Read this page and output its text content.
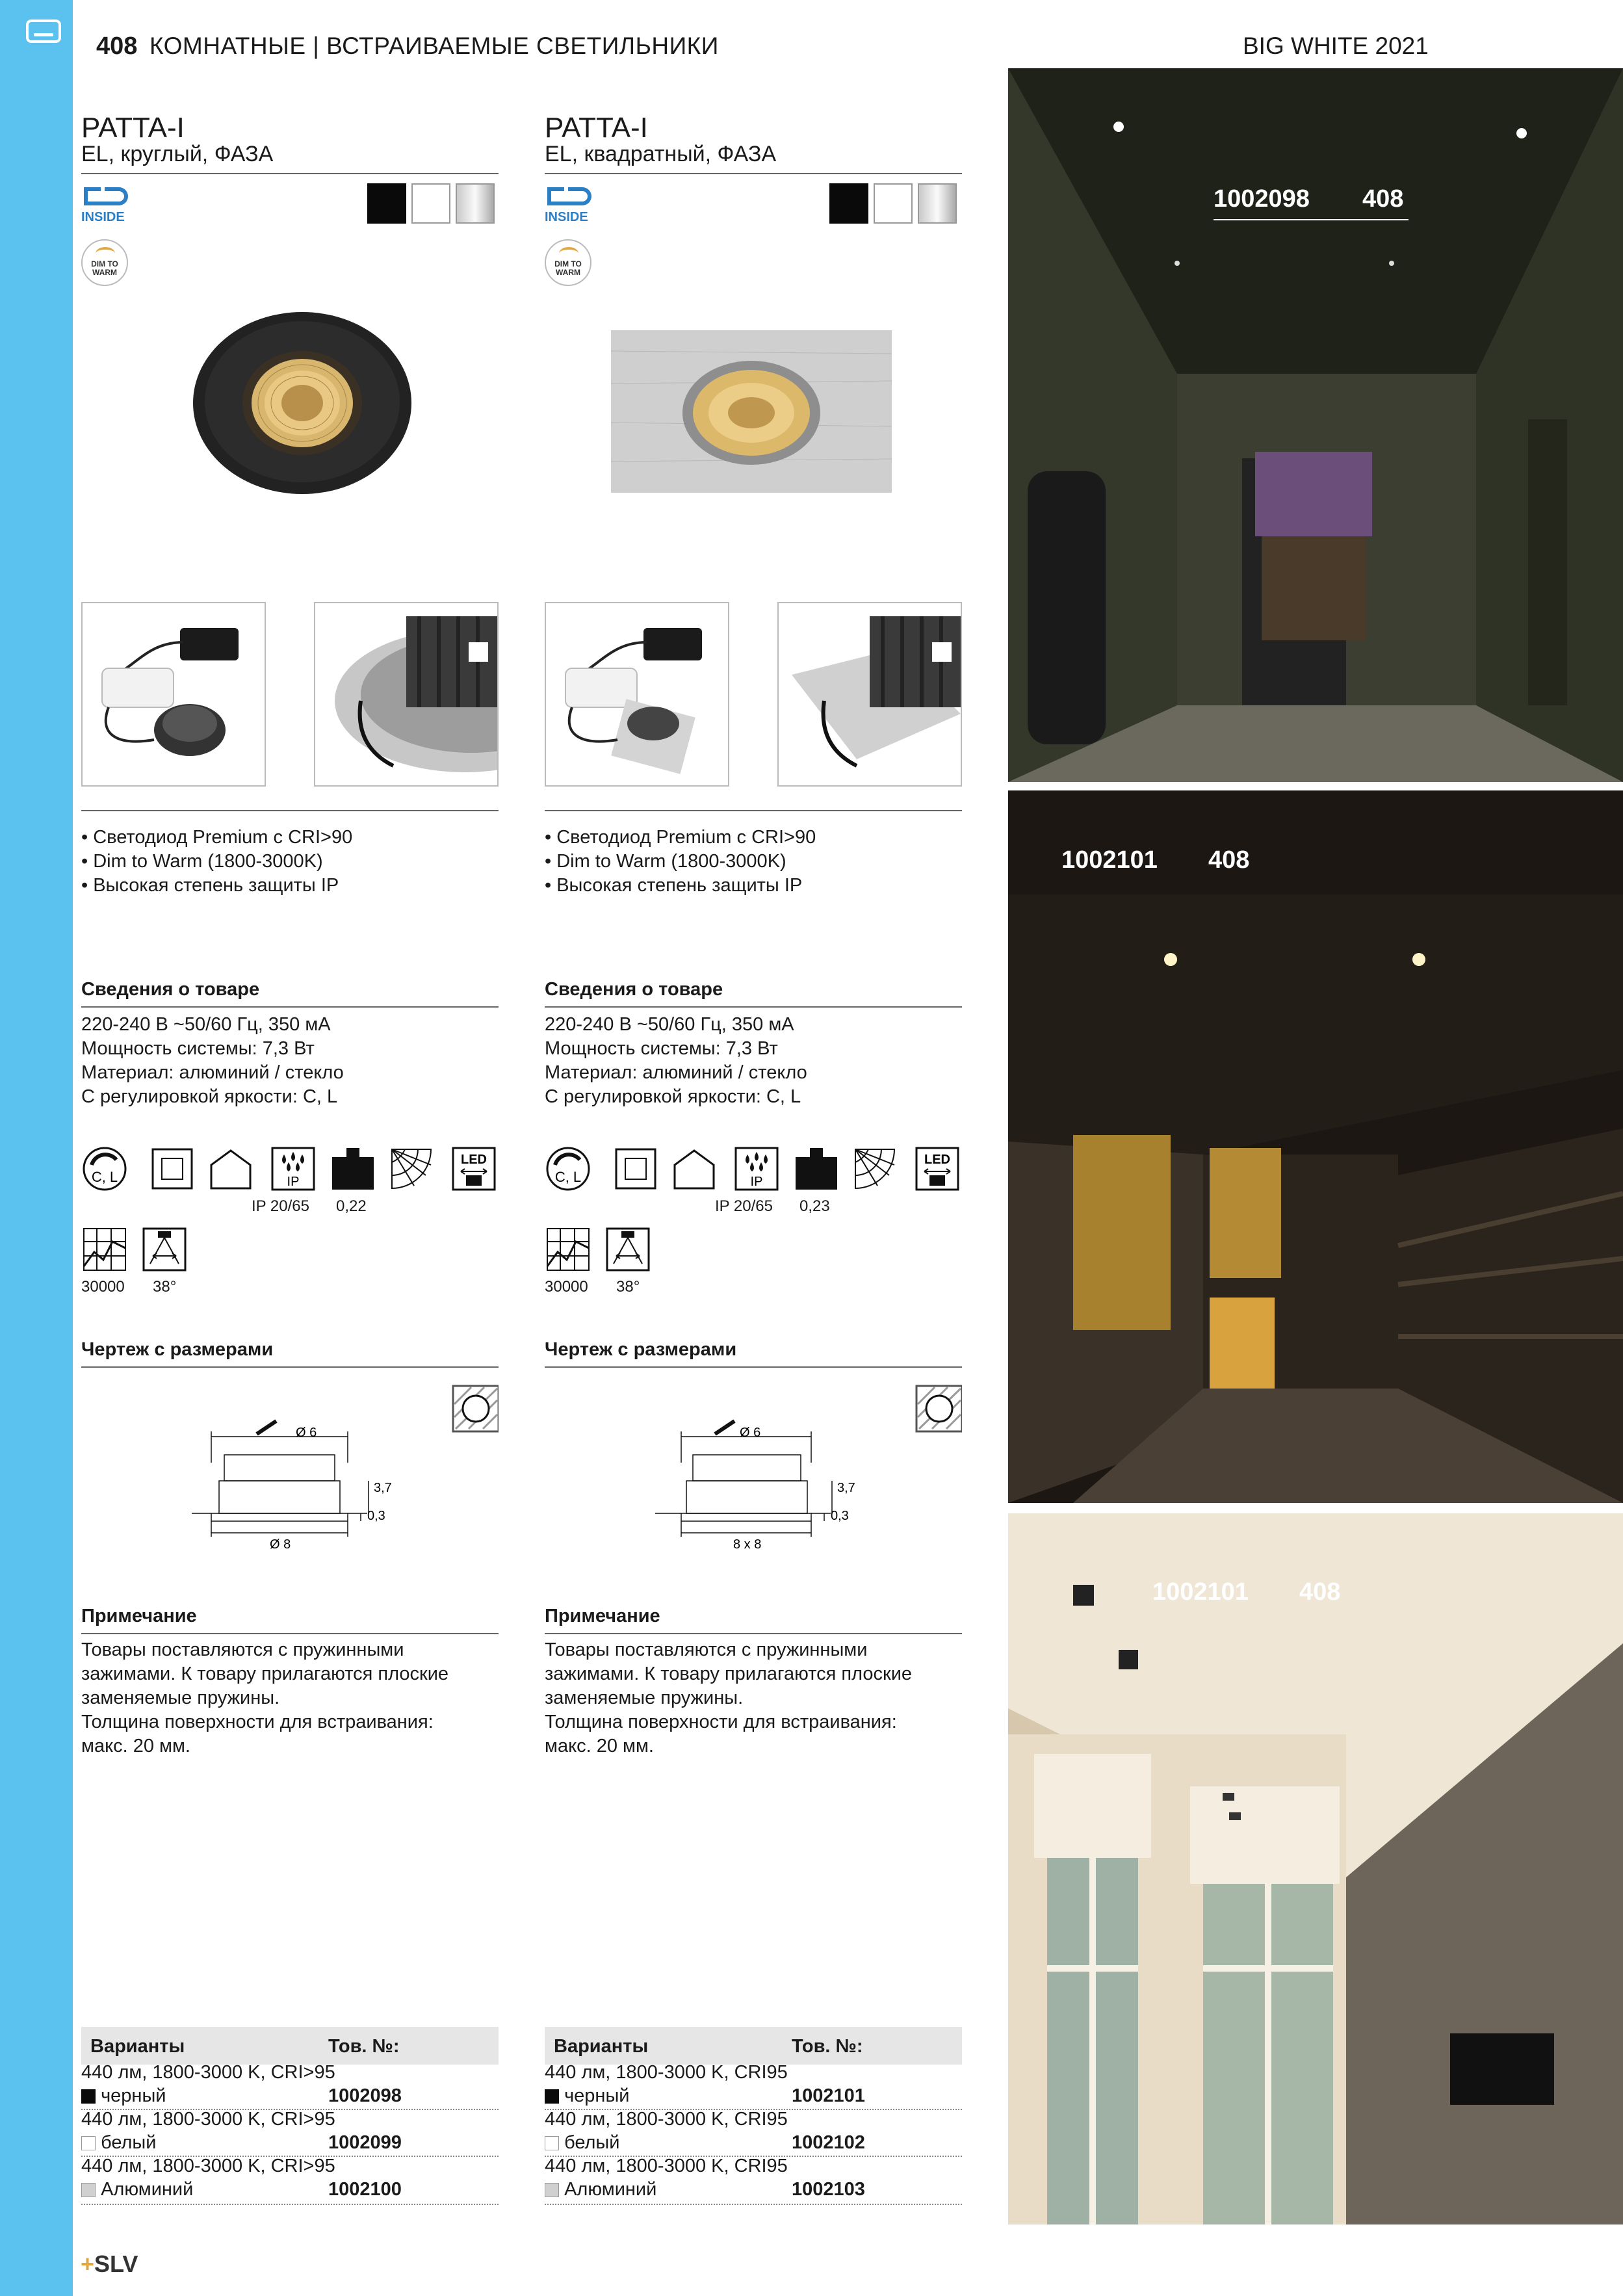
408 КОМНАТНЫЕ | ВСТРАИВАЕМЫЕ СВЕТИЛЬНИКИ	BIG WHITE 2021
PATTA-I
EL, круглый, ФАЗА
INSIDE
DIM TO WARM
• Светодиод Premium с CRI>90
• Dim to Warm (1800-3000K)
• Высокая степень защиты IP
Сведения о товаре
220-240 В ~50/60 Гц, 350 мА
Мощность системы: 7,3 Вт
Материал: алюминий / стекло
С регулировкой яркости: C, L
C, L	IP
LED
IP 20/65 0,22
30000 38°
Чертеж с размерами
Ø 6
3,7
0,3
Ø 8
Примечание
Товары поставляются с пружинными
зажимами. К товару прилагаются плоские
заменяемые пружины.
Толщина поверхности для встраивания:
макс. 20 мм.
Варианты	Тов. №:
440 лм, 1800-3000 K, CRI>95
черный	1002098
440 лм, 1800-3000 K, CRI>95
белый	1002099
440 лм, 1800-3000 K, CRI>95
Алюминий	1002100
PATTA-I
EL, квадратный, ФАЗА
INSIDE
DIM TO WARM
• Светодиод Premium с CRI>90
• Dim to Warm (1800-3000K)
• Высокая степень защиты IP
Сведения о товаре
220-240 В ~50/60 Гц, 350 мА
Мощность системы: 7,3 Вт
Материал: алюминий / стекло
С регулировкой яркости: C, L
C, L	IP
LED
IP 20/65 0,23
30000 38°
Чертеж с размерами
Ø 6
3,7
0,3
8 x 8
Примечание
Товары поставляются с пружинными
зажимами. К товару прилагаются плоские
заменяемые пружины.
Толщина поверхности для встраивания:
макс. 20 мм.
Варианты	Тов. №:
440 лм, 1800-3000 K, CRI95
черный	1002101
440 лм, 1800-3000 K, CRI95
белый	1002102
440 лм, 1800-3000 K, CRI95
Алюминий	1002103
1002098 408
1002101 408
1002101 408
+SLV
